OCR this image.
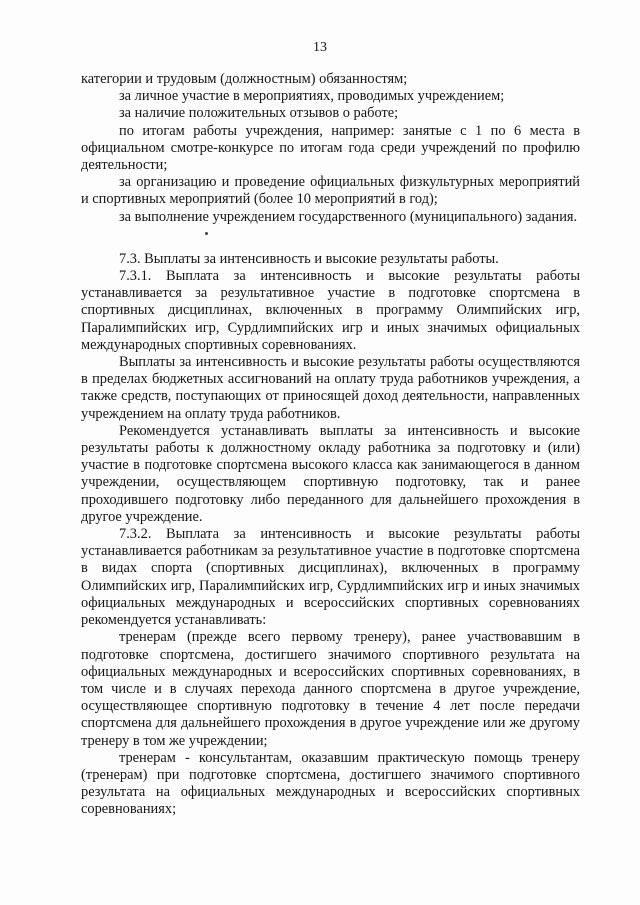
13

категории и трудовым (должностным) обязанностям;

за личное участие в мероприятиях, проводимых учреждением;

за наличие положительных отзывов о работе;

по итогам работы учреждения, например: занятые с 1 по 6 места в официальном смотре-конкурсе по итогам года среди учреждений по профилю деятельности;

за организацию и проведение официальных физкультурных мероприятий и спортивных мероприятий (более 10 мероприятий в год);

за выполнение учреждением государственного (муниципального) задания.

7.3. Выплаты за интенсивность и высокие результаты работы.

7.3.1. Выплата за интенсивность и высокие результаты работы устанавливается за результативное участие в подготовке спортсмена в спортивных дисциплинах, включенных в программу Олимпийских игр, Паралимпийских игр, Сурдлимпийских игр и иных значимых официальных международных спортивных соревнованиях.

Выплаты за интенсивность и высокие результаты работы осуществляются в пределах бюджетных ассигнований на оплату труда работников учреждения, а также средств, поступающих от приносящей доход деятельности, направленных учреждением на оплату труда работников.

Рекомендуется устанавливать выплаты за интенсивность и высокие результаты работы к должностному окладу работника за подготовку и (или) участие в подготовке спортсмена высокого класса как занимающегося в данном учреждении, осуществляющем спортивную подготовку, так и ранее проходившего подготовку либо переданного для дальнейшего прохождения в другое учреждение.

7.3.2. Выплата за интенсивность и высокие результаты работы устанавливается работникам за результативное участие в подготовке спортсмена в видах спорта (спортивных дисциплинах), включенных в программу Олимпийских игр, Паралимпийских игр, Сурдлимпийских игр и иных значимых официальных международных и всероссийских спортивных соревнованиях рекомендуется устанавливать:

тренерам (прежде всего первому тренеру), ранее участвовавшим в подготовке спортсмена, достигшего значимого спортивного результата на официальных международных и всероссийских спортивных соревнованиях, в том числе и в случаях перехода данного спортсмена в другое учреждение, осуществляющее спортивную подготовку в течение 4 лет после передачи спортсмена для дальнейшего прохождения в другое учреждение или же другому тренеру в том же учреждении;

тренерам - консультантам, оказавшим практическую помощь тренеру (тренерам) при подготовке спортсмена, достигшего значимого спортивного результата на официальных международных и всероссийских спортивных соревнованиях;
